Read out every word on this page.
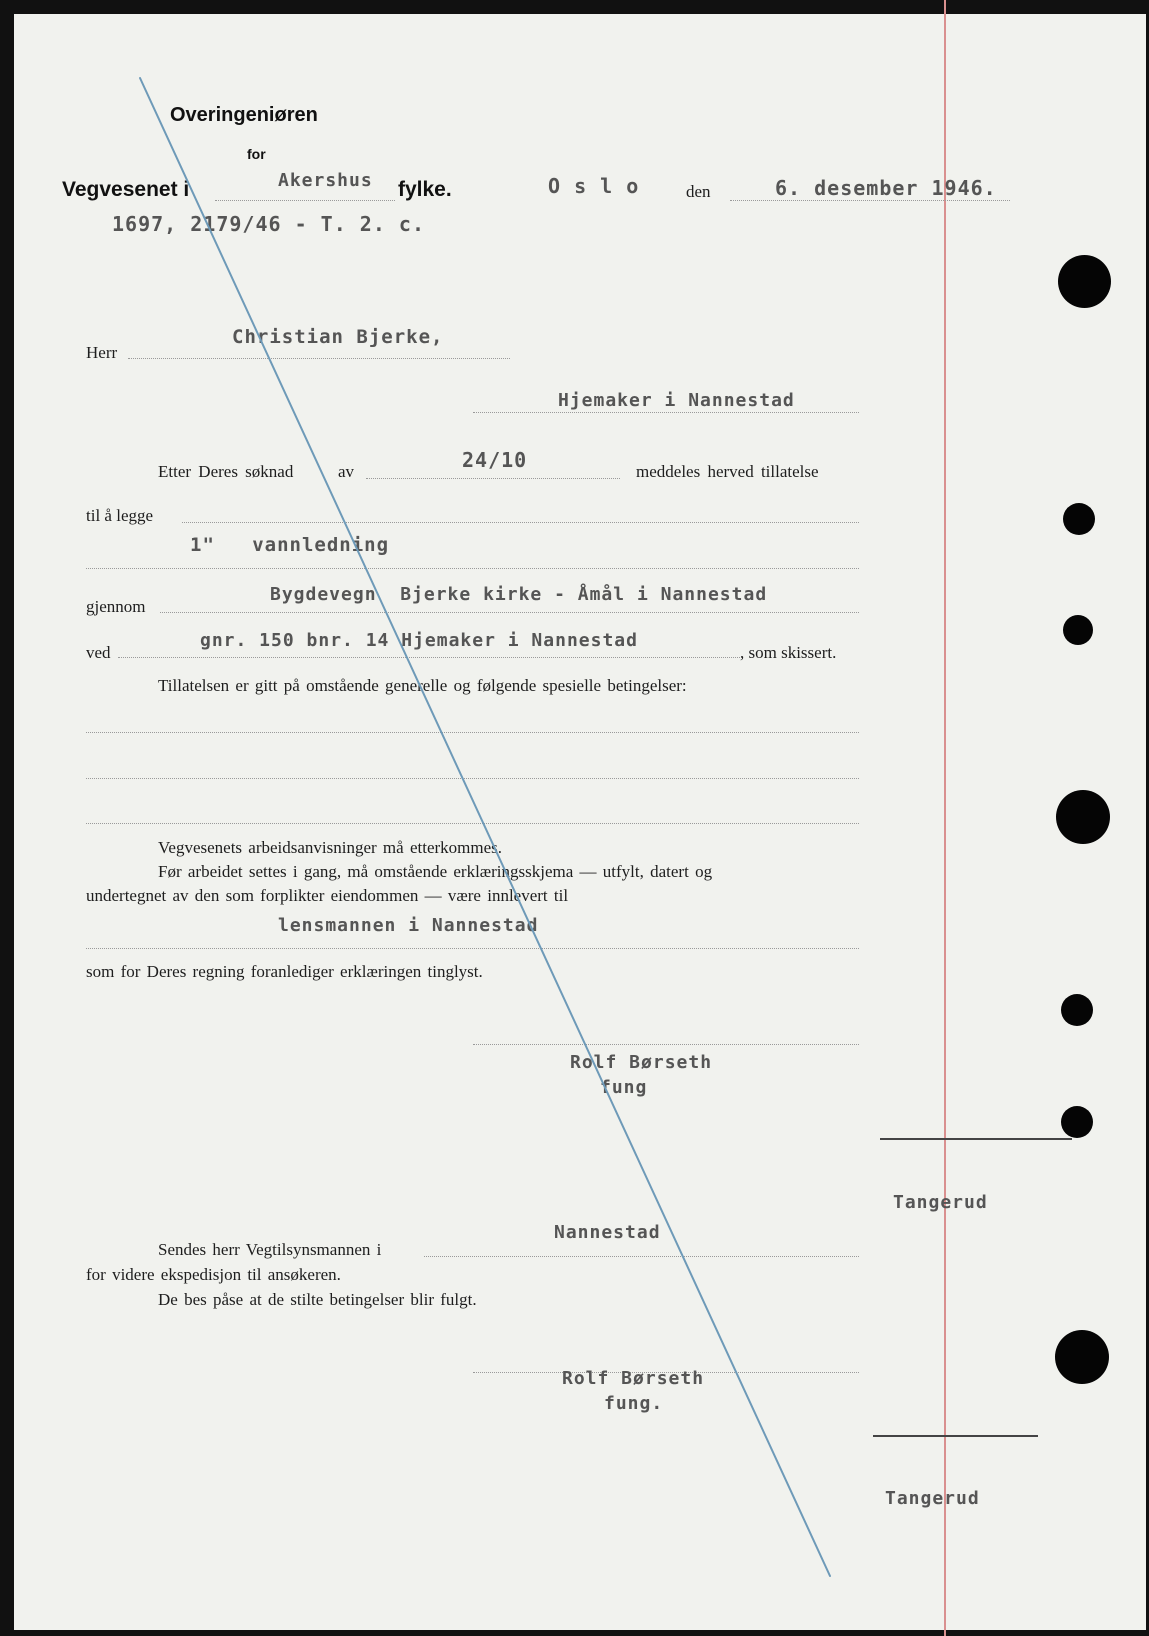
Overingeniøren
for
Vegvesenet i	Akershus fylke.	O s l o	den	6. desember 1946.
1697, 2179/46 - T. 2. c.
Herr
Christian Bjerke,
Hjemaker i Nannestad
Etter Deres søknad	av	24/10	meddeles herved tillatelse
til å legge
1"   vannledning
gjennom
Bygdevegn  Bjerke kirke - Åmål i Nannestad
ved
gnr. 150 bnr. 14 Hjemaker i Nannestad
, som skissert.
Tillatelsen er gitt på omstående generelle og følgende spesielle betingelser:
Vegvesenets arbeidsanvisninger må etterkommes.
Før arbeidet settes i gang, må omstående erklæringsskjema — utfylt, datert og
undertegnet av den som forplikter eiendommen — være innlevert til
lensmannen i Nannestad
som for Deres regning foranlediger erklæringen tinglyst.
Rolf Børseth
fung
Tangerud
Sendes herr Vegtilsynsmannen i
Nannestad
for videre ekspedisjon til ansøkeren.
De bes påse at de stilte betingelser blir fulgt.
Rolf Børseth
fung.
Tangerud
